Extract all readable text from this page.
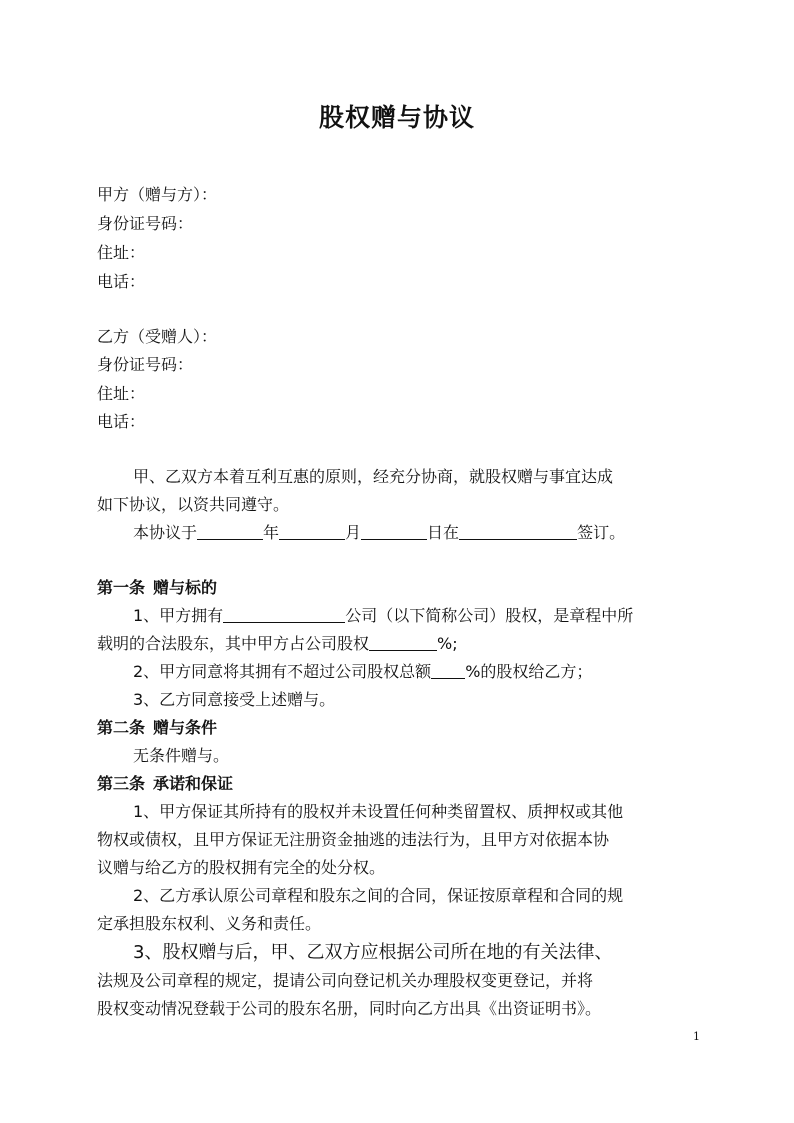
股权赠与协议

甲方（赠与方）：

身份证号码：

住址：

电话：

乙方（受赠人）：

身份证号码：

住址：

电话：

甲、乙双方本着互利互惠的原则，经充分协商，就股权赠与事宜达成

如下协议，以资共同遵守。

本协议于	年	月	日在	签订。

第一条 赠与标的

1、甲方拥有	公司（以下简称公司）股权，是章程中所

载明的合法股东，其中甲方占公司股权	%;

2、甲方同意将其拥有不超过公司股权总额 %的股权给乙方；

3、乙方同意接受上述赠与。

第二条 赠与条件

无条件赠与。

第三条 承诺和保证

1、甲方保证其所持有的股权并未设置任何种类留置权、质押权或其他

物权或债权，且甲方保证无注册资金抽逃的违法行为，且甲方对依据本协

议赠与给乙方的股权拥有完全的处分权。

2、乙方承认原公司章程和股东之间的合同，保证按原章程和合同的规

定承担股东权利、义务和责任。

3、股权赠与后，甲、乙双方应根据公司所在地的有关法律、

法规及公司章程的规定，提请公司向登记机关办理股权变更登记，并将

股权变动情况登载于公司的股东名册，同时向乙方出具《出资证明书》。

1
